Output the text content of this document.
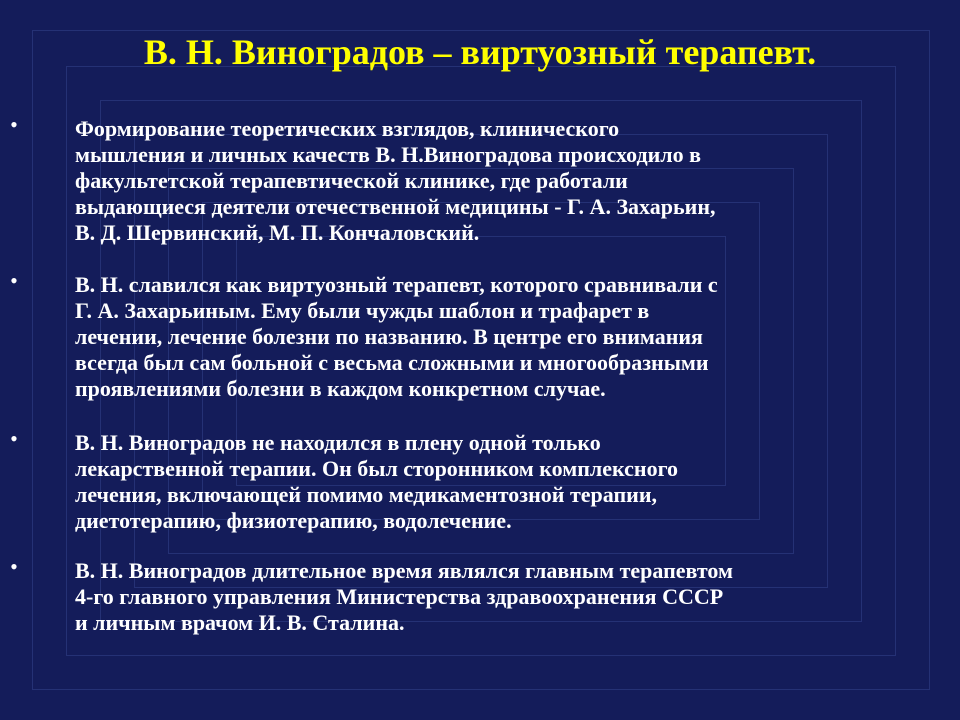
В. Н. Виноградов – виртуозный терапевт.
•	Формирование теоретических взглядов, клинического
мышления и личных качеств В. Н.Виноградова происходило в
факультетской терапевтической клинике, где работали
выдающиеся деятели отечественной медицины - Г. А. Захарьин,
В. Д. Шервинский, М. П. Кончаловский.

•	В. Н. славился как виртуозный терапевт, которого сравнивали с
Г. А. Захарьиным. Ему были чужды шаблон и трафарет в
лечении, лечение болезни по названию. В центре его внимания
всегда был сам больной с весьма сложными и многообразными
проявлениями болезни в каждом конкретном случае.

•	В. Н. Виноградов не находился в плену одной только
лекарственной терапии. Он был сторонником комплексного
лечения, включающей помимо медикаментозной терапии,
диетотерапию, физиотерапию, водолечение.

•	В. Н. Виноградов длительное время являлся главным терапевтом
4-го главного управления Министерства здравоохранения СССР
и личным врачом И. В. Сталина.
